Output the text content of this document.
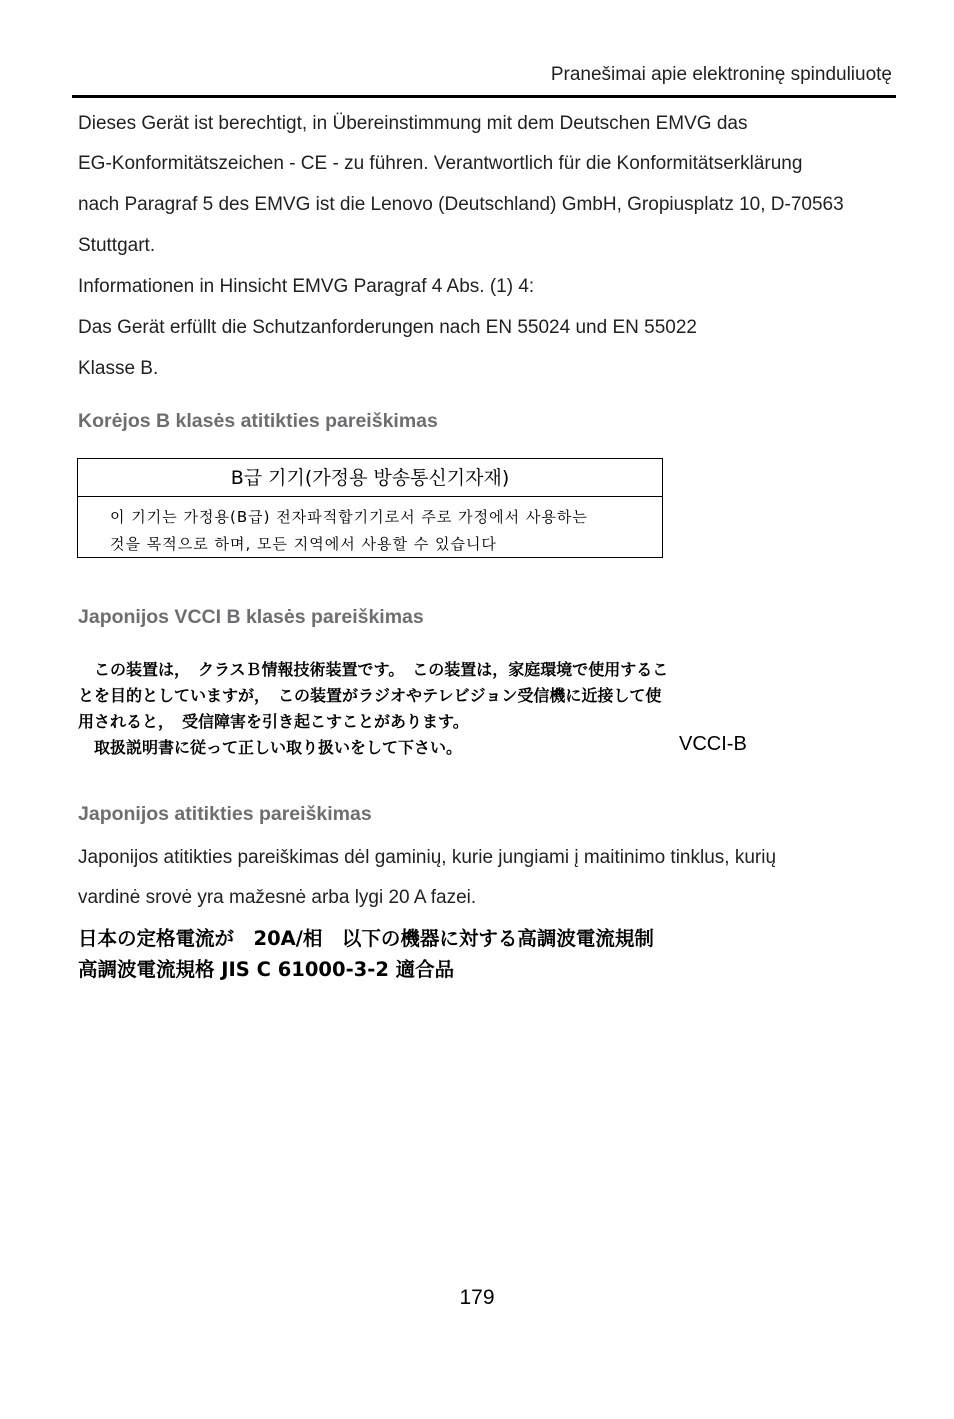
Pranešimai apie elektroninę spinduliuotę
Dieses Gerät ist berechtigt, in Übereinstimmung mit dem Deutschen EMVG das
EG-Konformitätszeichen - CE - zu führen. Verantwortlich für die Konformitätserklärung
nach Paragraf 5 des EMVG ist die Lenovo (Deutschland) GmbH, Gropiusplatz 10, D-70563
Stuttgart.
Informationen in Hinsicht EMVG Paragraf 4 Abs. (1) 4:
Das Gerät erfüllt die Schutzanforderungen nach EN 55024 und EN 55022
Klasse B.
Korėjos B klasės atitikties pareiškimas
B급 기기(가정용 방송통신기자재)
이 기기는 가정용(B급) 전자파적합기기로서 주로 가정에서 사용하는
것을 목적으로 하며, 모든 지역에서 사용할 수 있습니다
Japonijos VCCI B klasės pareiškimas
　この装置は，　クラスＢ情報技術装置です。　この装置は，家庭環境で使用するこ
とを目的としていますが，　この装置がラジオやテレビジョン受信機に近接して使
用されると，　受信障害を引き起こすことがあります。
　取扱説明書に従って正しい取り扱いをして下さい。	VCCI-B
Japonijos atitikties pareiškimas
Japonijos atitikties pareiškimas dėl gaminių, kurie jungiami į maitinimo tinklus, kurių
vardinė srovė yra mažesnė arba lygi 20 A fazei.
日本の定格電流が　20A/相　以下の機器に対する高調波電流規制
高調波電流規格 JIS C 61000-3-2 適合品
179
